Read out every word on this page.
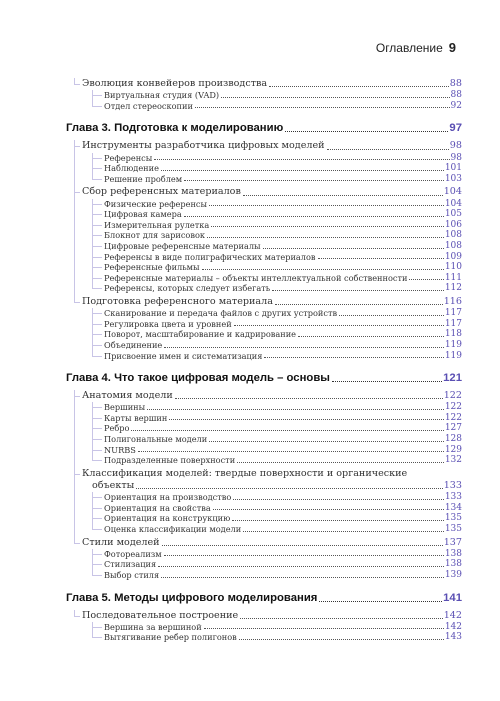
Оглавление 9
Эволюция конвейеров производства	88
Виртуальная студия (VAD)	88
Отдел стереоскопии	92
Глава 3. Подготовка к моделированию	97
Инструменты разработчика цифровых моделей	98
Референсы	98
Наблюдение	101
Решение проблем	103
Сбор референсных материалов	104
Физические референсы	104
Цифровая камера	105
Измерительная рулетка	106
Блокнот для зарисовок	108
Цифровые референсные материалы	108
Референсы в виде полиграфических материалов	109
Референсные фильмы	110
Референсные материалы – объекты интеллектуальной собственности	111
Референсы, которых следует избегать	112
Подготовка референсного материала	116
Сканирование и передача файлов с других устройств	117
Регулировка цвета и уровней	117
Поворот, масштабирование и кадрирование	118
Объединение	119
Присвоение имен и систематизация	119
Глава 4. Что такое цифровая модель – основы	121
Анатомия модели	122
Вершины	122
Карты вершин	122
Ребро	127
Полигональные модели	128
NURBS	129
Подразделенные поверхности	132
Классификация моделей: твердые поверхности и органические
объекты	133
Ориентация на производство	133
Ориентация на свойства	134
Ориентация на конструкцию	135
Оценка классификации модели	135
Стили моделей	137
Фотореализм	138
Стилизация	138
Выбор стиля	139
Глава 5. Методы цифрового моделирования	141
Последовательное построение	142
Вершина за вершиной	142
Вытягивание ребер полигонов	143
